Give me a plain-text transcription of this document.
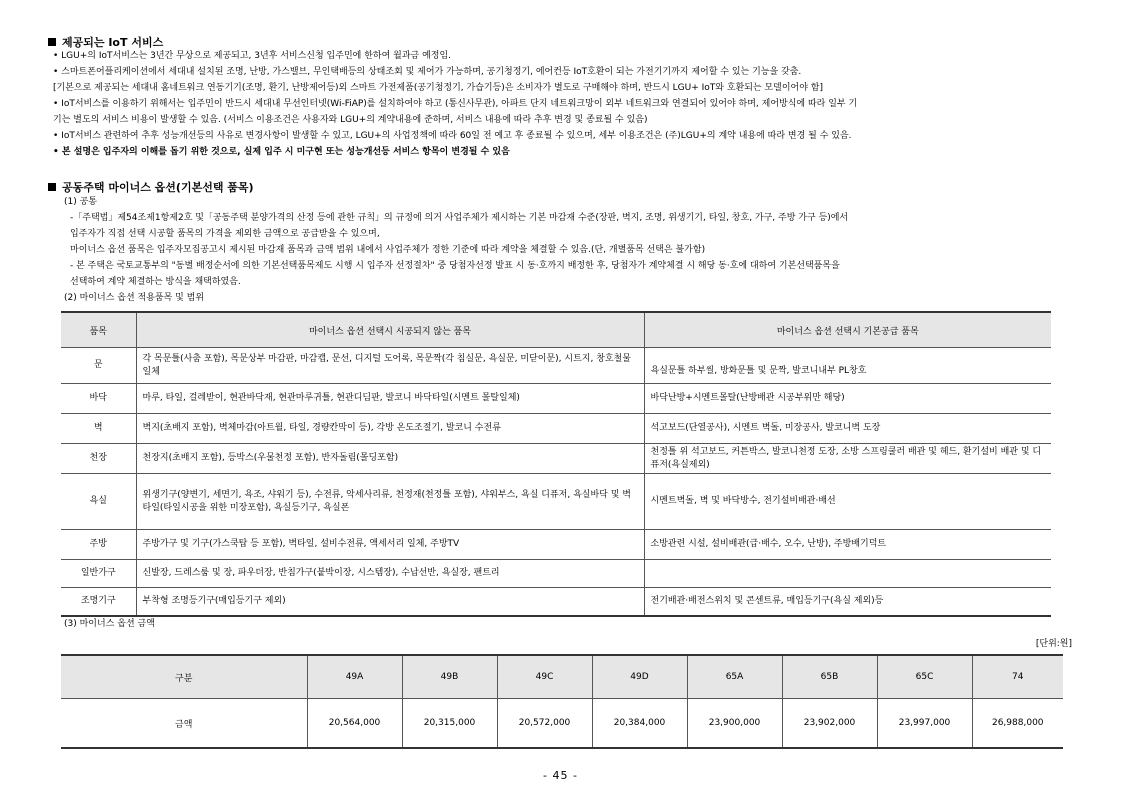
제공되는 IoT 서비스
• LGU+의 IoT서비스는 3년간 무상으로 제공되고, 3년후 서비스신청 입주민에 한하여 월과금 예정임.
• 스마트폰어플리케이션에서 세대내 설치된 조명, 난방, 가스밸브, 무인택배등의 상태조회 및 제어가 가능하며, 공기청정기, 에어컨등 IoT호환이 되는 가전기기까지 제어할 수 있는 기능을 갖춤.
[기본으로 제공되는 세대내 홈네트워크 연동기기(조명, 환기, 난방제어등)외 스마트 가전제품(공기청정기, 가습기등)은 소비자가 별도로 구매해야 하며, 반드시 LGU+ IoT와 호환되는 모델이어야 함]
• IoT서비스를 이용하기 위해서는 입주민이 반드시 세대내 무선인터넷(Wi-FiAP)를 설치하여야 하고 (통신사무관), 아파트 단지 네트워크망이 외부 네트워크와 연결되어 있어야 하며, 제어방식에 따라 일부 기
기는 별도의 서비스 비용이 발생할 수 있음. (서비스 이용조건은 사용자와 LGU+의 계약내용에 준하며, 서비스 내용에 따라 추후 변경 및 종료될 수 있음)
• IoT서비스 관련하여 추후 성능개선등의 사유로 변경사항이 발생할 수 있고, LGU+의 사업정책에 따라 60일 전 예고 후 종료될 수 있으며, 세부 이용조건은 (주)LGU+의 계약 내용에 따라 변경 될 수 있음.
• 본 설명은 입주자의 이해를 돕기 위한 것으로, 실제 입주 시 미구현 또는 성능개선등 서비스 항목이 변경될 수 있음
공동주택 마이너스 옵션(기본선택 품목)
(1) 공통
-「주택법」제54조제1항제2호 및「공동주택 분양가격의 산정 등에 관한 규칙」의 규정에 의거 사업주체가 제시하는 기본 마감재 수준(장판, 벽지, 조명, 위생기기, 타일, 창호, 가구, 주방 가구 등)에서
입주자가 직접 선택 시공할 품목의 가격을 제외한 금액으로 공급받을 수 있으며,
마이너스 옵션 품목은 입주자모집공고시 제시된 마감재 품목과 금액 범위 내에서 사업주체가 정한 기준에 따라 계약을 체결할 수 있음.(단, 개별품목 선택은 불가함)
- 본 주택은 국토교통부의 "동별 배정순서에 의한 기본선택품목제도 시행 시 입주자 선정절차" 중 당첨자선정 발표 시 동·호까지 배정한 후, 당첨자가 계약체결 시 해당 동·호에 대하여 기본선택품목을
선택하여 계약 체결하는 방식을 채택하였음.
(2) 마이너스 옵션 적용품목 및 범위
품목	마이너스 옵션 선택시 시공되지 않는 품목	마이너스 옵션 선택시 기본공급 품목
문	각 목문틀(사춤 포함), 목문상부 마감판, 마감캡, 문선, 디지털 도어록, 목문짝(각 침실문, 욕실문, 미닫이문), 시트지, 창호철물일체	욕실문틀 하부씰, 방화문틀 및 문짝, 발코니내부 PL창호
바닥	마루, 타일, 걸레받이, 현관바닥재, 현관마루귀틀, 현관디딤판, 발코니 바닥타일(시멘트 몰탈일체)	바닥난방+시멘트몰탈(난방배관 시공부위만 해당)
벽	벽지(초배지 포함), 벽체마감(아트월, 타일, 경량칸막이 등), 각방 온도조절기, 발코니 수전류	석고보드(단열공사), 시멘트 벽돌, 미장공사, 발코니벽 도장
천장	천장지(초배지 포함), 등박스(우물천정 포함), 반자돌림(몰딩포함)	천정틀 위 석고보드, 커튼박스, 발코니천정 도장, 소방 스프링쿨러 배관 및 헤드, 환기설비 배관 및 디퓨저(욕실제외)
욕실	위생기구(양변기, 세면기, 욕조, 샤워기 등), 수전류, 악세사리류, 천정재(천정틀 포함), 샤워부스, 욕실 디퓨저, 욕실바닥 및 벽타일(타일시공을 위한 미장포함), 욕실등기구, 욕실폰	시멘트벽돌, 벽 및 바닥방수, 전기설비배관·배선
주방	주방가구 및 기구(가스쿡탑 등 포함), 벽타일, 설비수전류, 액세서리 일체, 주방TV	소방관련 시설, 설비배관(급·배수, 오수, 난방), 주방배기덕트
일반가구	신발장, 드레스룸 및 장, 파우더장, 반침가구(붙박이장, 시스템장), 수납선반, 욕실장, 팬트리	
조명기구	부착형 조명등기구(매입등기구 제외)	전기배관·배전스위치 및 콘센트류, 매입등기구(욕실 제외)등
(3) 마이너스 옵션 금액
[단위:원]
구분	49A	49B	49C	49D	65A	65B	65C	74
금액	20,564,000	20,315,000	20,572,000	20,384,000	23,900,000	23,902,000	23,997,000	26,988,000
- 45 -
